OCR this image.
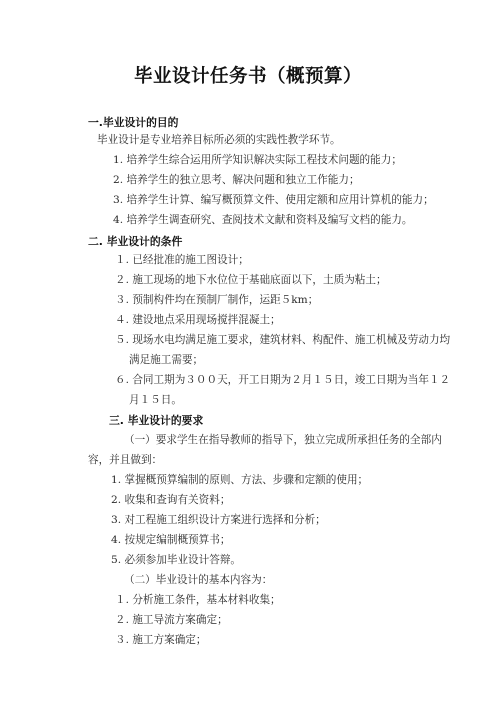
毕业设计任务书（概预算）
一.毕业设计的目的
毕业设计是专业培养目标所必须的实践性教学环节。
1. 培养学生综合运用所学知识解决实际工程技术问题的能力；
2. 培养学生的独立思考、解决问题和独立工作能力；
3. 培养学生计算、编写概预算文件、使用定额和应用计算机的能力；
4. 培养学生调查研究、查阅技术文献和资料及编写文档的能力。
二. 毕业设计的条件
１. 已经批准的施工图设计；
２. 施工现场的地下水位位于基础底面以下，土质为粘土；
３. 预制构件均在预制厂制作，运距５km；
４. 建设地点采用现场搅拌混凝土；
５. 现场水电均满足施工要求，建筑材料、构配件、施工机械及劳动力均
满足施工需要；
６. 合同工期为３００天，开工日期为２月１５日，竣工日期为当年１２
月１５日。
三. 毕业设计的要求
（一）要求学生在指导教师的指导下，独立完成所承担任务的全部内
容，并且做到：
1. 掌握概预算编制的原则、方法、步骤和定额的使用；
2. 收集和查询有关资料；
3. 对工程施工组织设计方案进行选择和分析；
4. 按规定编制概预算书；
5. 必须参加毕业设计答辩。
（二）毕业设计的基本内容为：
１. 分析施工条件，基本材料收集；
２. 施工导流方案确定；
３. 施工方案确定；
